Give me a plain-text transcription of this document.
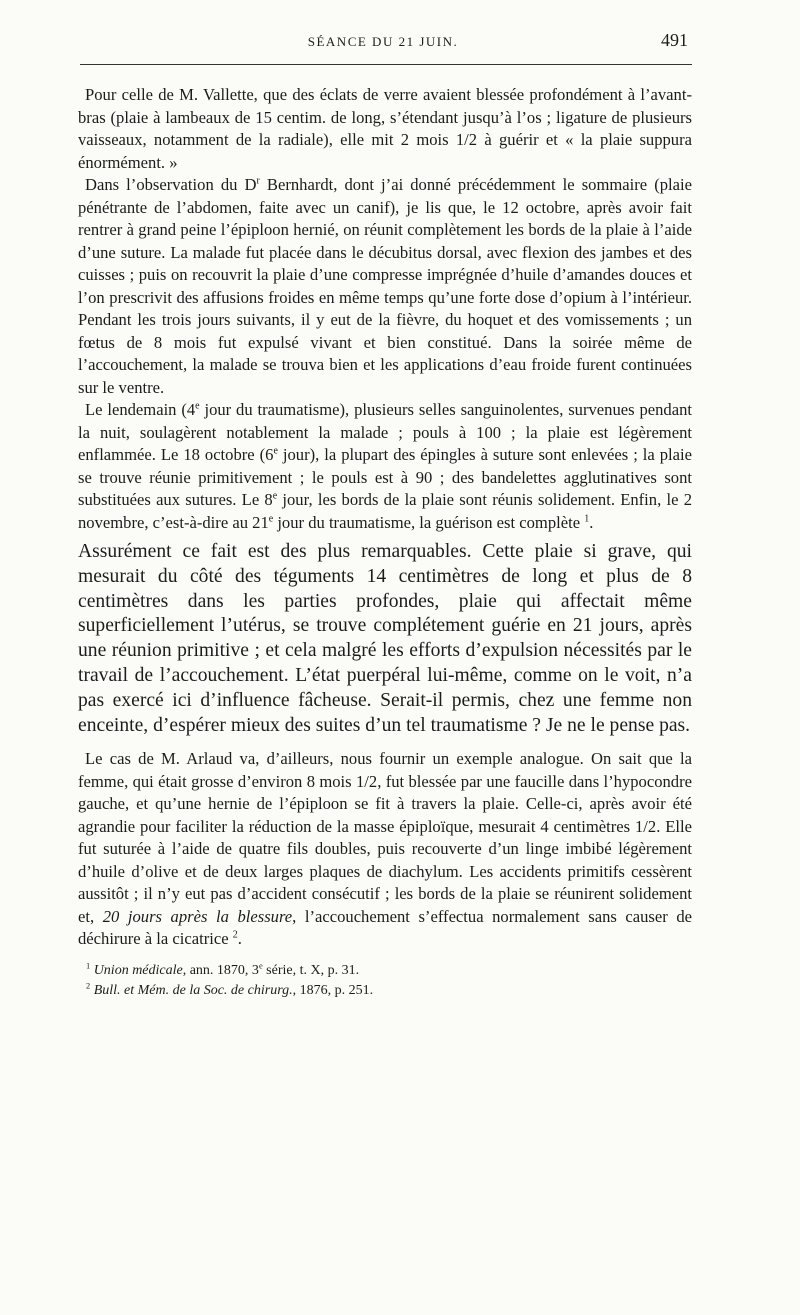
SÉANCE DU 21 JUIN.	491

Pour celle de M. Vallette, que des éclats de verre avaient blessée profondément à l’avant-bras (plaie à lambeaux de 15 centim. de long, s’étendant jusqu’à l’os ; ligature de plusieurs vaisseaux, notamment de la radiale), elle mit 2 mois 1/2 à guérir et « la plaie suppura énormément. »

Dans l’observation du $D^r$ Bernhardt, dont j’ai donné précédemment le sommaire (plaie pénétrante de l’abdomen, faite avec un canif), je lis que, le 12 octobre, après avoir fait rentrer à grand peine l’épiploon hernié, on réunit complètement les bords de la plaie à l’aide d’une suture. La malade fut placée dans le décubitus dorsal, avec flexion des jambes et des cuisses ; puis on recouvrit la plaie d’une compresse imprégnée d’huile d’amandes douces et l’on prescrivit des affusions froides en même temps qu’une forte dose d’opium à l’intérieur. Pendant les trois jours suivants, il y eut de la fièvre, du hoquet et des vomissements ; un fœtus de 8 mois fut expulsé vivant et bien constitué. Dans la soirée même de l’accouchement, la malade se trouva bien et les applications d’eau froide furent continuées sur le ventre.

Le lendemain (4e jour du traumatisme), plusieurs selles sanguinolentes, survenues pendant la nuit, soulagèrent notablement la malade ; pouls à 100 ; la plaie est légèrement enflammée. Le 18 octobre (6e jour), la plupart des épingles à suture sont enlevées ; la plaie se trouve réunie primitivement ; le pouls est à 90 ; des bandelettes agglutinatives sont substituées aux sutures. Le 8e jour, les bords de la plaie sont réunis solidement. Enfin, le 2 novembre, c’est-à-dire au 21e jour du traumatisme, la guérison est complète $^1$.

Assurément ce fait est des plus remarquables. Cette plaie si grave, qui mesurait du côté des téguments 14 centimètres de long et plus de 8 centimètres dans les parties profondes, plaie qui affectait même superficiellement l’utérus, se trouve complétement guérie en 21 jours, après une réunion primitive ; et cela malgré les efforts d’expulsion nécessités par le travail de l’accouchement. L’état puerpéral lui-même, comme on le voit, n’a pas exercé ici d’influence fâcheuse. Serait-il permis, chez une femme non enceinte, d’espérer mieux des suites d’un tel traumatisme ? Je ne le pense pas.

Le cas de M. Arlaud va, d’ailleurs, nous fournir un exemple analogue. On sait que la femme, qui était grosse d’environ 8 mois 1/2, fut blessée par une faucille dans l’hypocondre gauche, et qu’une hernie de l’épiploon se fit à travers la plaie. Celle-ci, après avoir été agrandie pour faciliter la réduction de la masse épiploïque, mesurait 4 centimètres 1/2. Elle fut suturée à l’aide de quatre fils doubles, puis recouverte d’un linge imbibé légèrement d’huile d’olive et de deux larges plaques de diachylum. Les accidents primitifs cessèrent aussitôt ; il n’y eut pas d’accident consécutif ; les bords de la plaie se réunirent solidement et, 20 jours après la blessure, l’accouchement s’effectua normalement sans causer de déchirure à la cicatrice $^2$.

$^1$ Union médicale, ann. 1870, 3e série, t. X, p. 31.

$^2$ Bull. et Mém. de la Soc. de chirurg., 1876, p. 251.
